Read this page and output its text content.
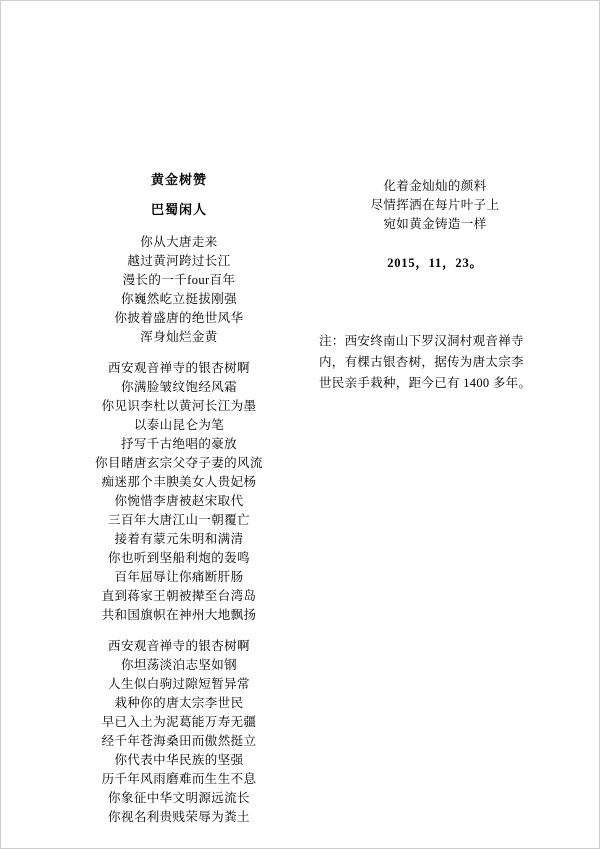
黄金树赞
巴蜀闲人
你从大唐走来
越过黄河跨过长江
漫长的一千four百年
你巍然屹立挺拔刚强
你披着盛唐的绝世风华
浑身灿烂金黄
西安观音禅寺的银杏树啊
你满脸皱纹饱经风霜
你见识李杜以黄河长江为墨
以泰山昆仑为笔
抒写千古绝唱的豪放
你目睹唐玄宗父夺子妻的风流
痴迷那个丰腴美女人贵妃杨
你惋惜李唐被赵宋取代
三百年大唐江山一朝覆亡
接着有蒙元朱明和满清
你也听到坚船利炮的轰鸣
百年屈辱让你痛断肝肠
直到蒋家王朝被撵至台湾岛
共和国旗帜在神州大地飘扬
西安观音禅寺的银杏树啊
你坦荡淡泊志坚如钢
人生似白驹过隙短暂异常
栽种你的唐太宗李世民
早已入土为泥葛能万寿无疆
经千年苍海桑田而傲然挺立
你代表中华民族的坚强
历千年风雨磨难而生生不息
你象征中华文明源远流长
你视名利贵贱荣辱为粪土
化着金灿灿的颜料
尽情挥洒在每片叶子上
宛如黄金铸造一样
2015，11，23。
注：西安终南山下罗汉洞村观音禅寺
内，有棵古银杏树，据传为唐太宗李
世民亲手栽种，距今已有 1400 多年。
